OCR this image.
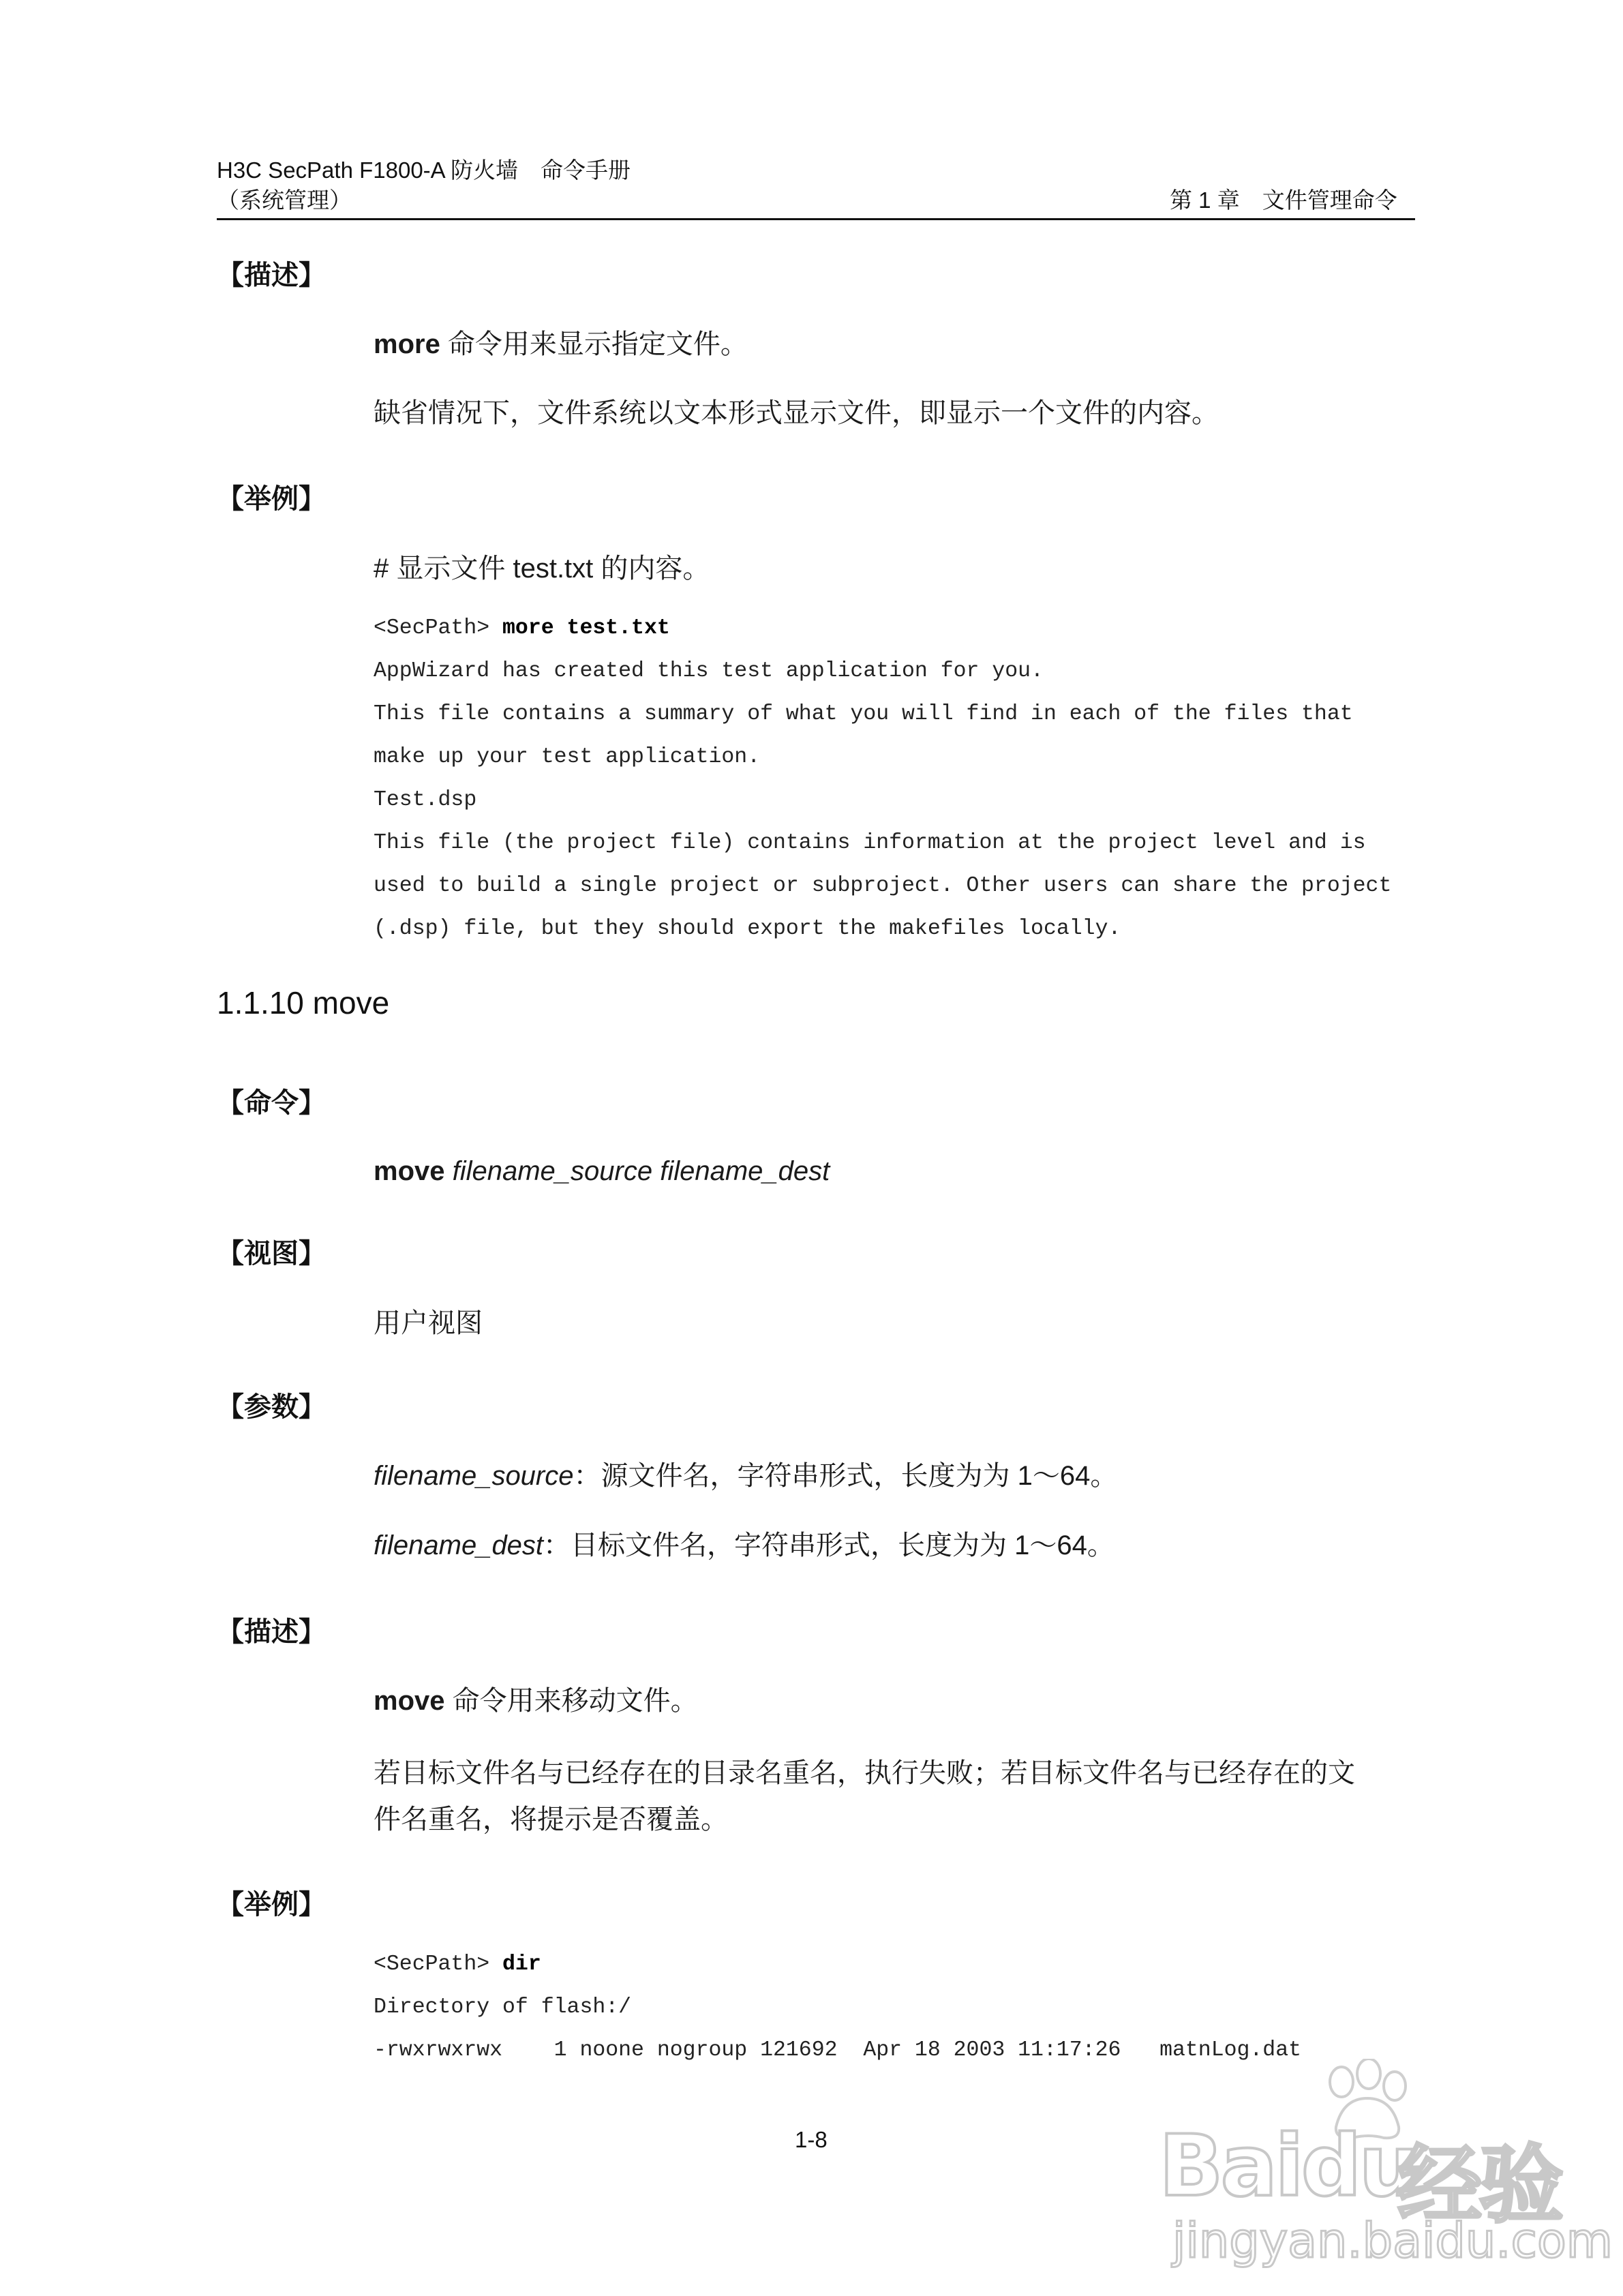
H3C SecPath F1800-A 防火墙　命令手册
（系统管理）	第 1 章　文件管理命令
【描述】
more 命令用来显示指定文件。
缺省情况下，文件系统以文本形式显示文件，即显示一个文件的内容。
【举例】
# 显示文件 test.txt 的内容。
<SecPath> more test.txt
AppWizard has created this test application for you.
This file contains a summary of what you will find in each of the files that
make up your test application.
Test.dsp
This file (the project file) contains information at the project level and is
used to build a single project or subproject. Other users can share the project
(.dsp) file, but they should export the makefiles locally.
1.1.10 move
【命令】
move filename_source filename_dest
【视图】
用户视图
【参数】
filename_source：源文件名，字符串形式，长度为为 1～64。
filename_dest：目标文件名，字符串形式，长度为为 1～64。
【描述】
move 命令用来移动文件。
若目标文件名与已经存在的目录名重名，执行失败；若目标文件名与已经存在的文
件名重名，将提示是否覆盖。
【举例】
<SecPath> dir
Directory of flash:/
-rwxrwxrwx    1 noone nogroup 121692  Apr 18 2003 11:17:26   matnLog.dat
1-8	Baidu
经验
jingyan.baidu.com
